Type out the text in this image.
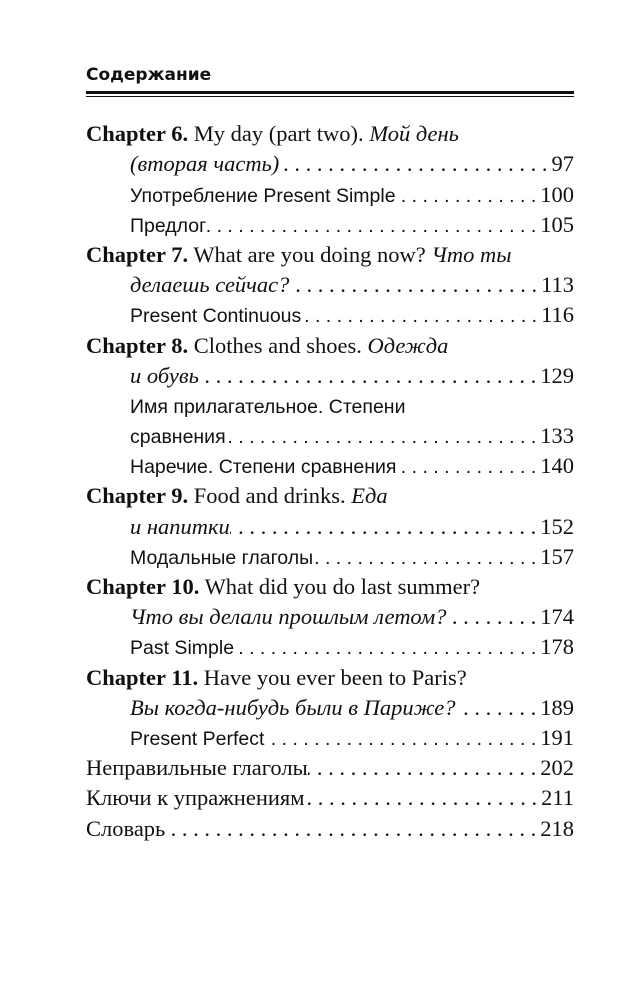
Содержание
Chapter 6. My day (part two). Мой день
(вторая часть) . . .	97
Употребление Present Simple . . .	100
Предлог . . .	105
Chapter 7. What are you doing now? Что ты
делаешь сейчас? . . .	113
Present Continuous . . .	116
Chapter 8. Clothes and shoes. Одежда
и обувь . . .	129
Имя прилагательное. Степени
сравнения . . .	133
Наречие. Степени сравнения . . .	140
Chapter 9. Food and drinks. Еда
и напитки . . .	152
Модальные глаголы . . .	157
Chapter 10. What did you do last summer?
Что вы делали прошлым летом? . . .	174
Past Simple . . .	178
Chapter 11. Have you ever been to Paris?
Вы когда-нибудь были в Париже? . . .	189
Present Perfect . . .	191
Неправильные глаголы . . .	202
Ключи к упражнениям . . .	211
Словарь . . .	218
